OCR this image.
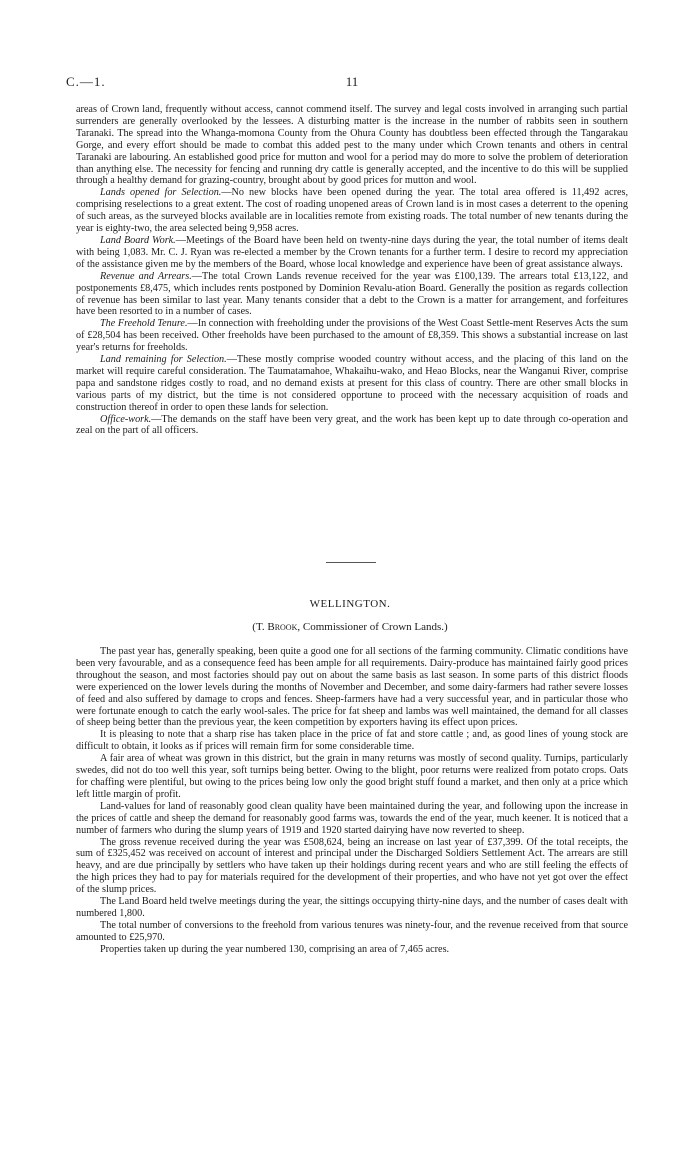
C.—1.	11

areas of Crown land, frequently without access, cannot commend itself. The survey and legal costs involved in arranging such partial surrenders are generally overlooked by the lessees. A disturbing matter is the increase in the number of rabbits seen in southern Taranaki. The spread into the Whanga-momona County from the Ohura County has doubtless been effected through the Tangarakau Gorge, and every effort should be made to combat this added pest to the many under which Crown tenants and others in central Taranaki are labouring. An established good price for mutton and wool for a period may do more to solve the problem of deterioration than anything else. The necessity for fencing and running dry cattle is generally accepted, and the incentive to do this will be supplied through a healthy demand for grazing-country, brought about by good prices for mutton and wool.

Lands opened for Selection.—No new blocks have been opened during the year. The total area offered is 11,492 acres, comprising reselections to a great extent. The cost of roading unopened areas of Crown land is in most cases a deterrent to the opening of such areas, as the surveyed blocks available are in localities remote from existing roads. The total number of new tenants during the year is eighty-two, the area selected being 9,958 acres.

Land Board Work.—Meetings of the Board have been held on twenty-nine days during the year, the total number of items dealt with being 1,083. Mr. C. J. Ryan was re-elected a member by the Crown tenants for a further term. I desire to record my appreciation of the assistance given me by the members of the Board, whose local knowledge and experience have been of great assistance always.

Revenue and Arrears.—The total Crown Lands revenue received for the year was £100,139. The arrears total £13,122, and postponements £8,475, which includes rents postponed by Dominion Revalu-ation Board. Generally the position as regards collection of revenue has been similar to last year. Many tenants consider that a debt to the Crown is a matter for arrangement, and forfeitures have been resorted to in a number of cases.

The Freehold Tenure.—In connection with freeholding under the provisions of the West Coast Settle-ment Reserves Acts the sum of £28,504 has been received. Other freeholds have been purchased to the amount of £8,359. This shows a substantial increase on last year's returns for freeholds.

Land remaining for Selection.—These mostly comprise wooded country without access, and the placing of this land on the market will require careful consideration. The Taumatamahoe, Whakaihu-wako, and Heao Blocks, near the Wanganui River, comprise papa and sandstone ridges costly to road, and no demand exists at present for this class of country. There are other small blocks in various parts of my district, but the time is not considered opportune to proceed with the necessary acquisition of roads and construction thereof in order to open these lands for selection.

Office-work.—The demands on the staff have been very great, and the work has been kept up to date through co-operation and zeal on the part of all officers.

WELLINGTON.
(T. Brook, Commissioner of Crown Lands.)

The past year has, generally speaking, been quite a good one for all sections of the farming community. Climatic conditions have been very favourable, and as a consequence feed has been ample for all requirements. Dairy-produce has maintained fairly good prices throughout the season, and most factories should pay out on about the same basis as last season. In some parts of this district floods were experienced on the lower levels during the months of November and December, and some dairy-farmers had rather severe losses of feed and also suffered by damage to crops and fences. Sheep-farmers have had a very successful year, and in particular those who were fortunate enough to catch the early wool-sales. The price for fat sheep and lambs was well maintained, the demand for all classes of sheep being better than the previous year, the keen competition by exporters having its effect upon prices.

It is pleasing to note that a sharp rise has taken place in the price of fat and store cattle ; and, as good lines of young stock are difficult to obtain, it looks as if prices will remain firm for some considerable time.

A fair area of wheat was grown in this district, but the grain in many returns was mostly of second quality. Turnips, particularly swedes, did not do too well this year, soft turnips being better. Owing to the blight, poor returns were realized from potato crops. Oats for chaffing were plentiful, but owing to the prices being low only the good bright stuff found a market, and then only at a price which left little margin of profit.

Land-values for land of reasonably good clean quality have been maintained during the year, and following upon the increase in the prices of cattle and sheep the demand for reasonably good farms was, towards the end of the year, much keener. It is noticed that a number of farmers who during the slump years of 1919 and 1920 started dairying have now reverted to sheep.

The gross revenue received during the year was £508,624, being an increase on last year of £37,399. Of the total receipts, the sum of £325,452 was received on account of interest and principal under the Discharged Soldiers Settlement Act. The arrears are still heavy, and are due principally by settlers who have taken up their holdings during recent years and who are still feeling the effects of the high prices they had to pay for materials required for the development of their properties, and who have not yet got over the effect of the slump prices.

The Land Board held twelve meetings during the year, the sittings occupying thirty-nine days, and the number of cases dealt with numbered 1,800.

The total number of conversions to the freehold from various tenures was ninety-four, and the revenue received from that source amounted to £25,970.

Properties taken up during the year numbered 130, comprising an area of 7,465 acres.
